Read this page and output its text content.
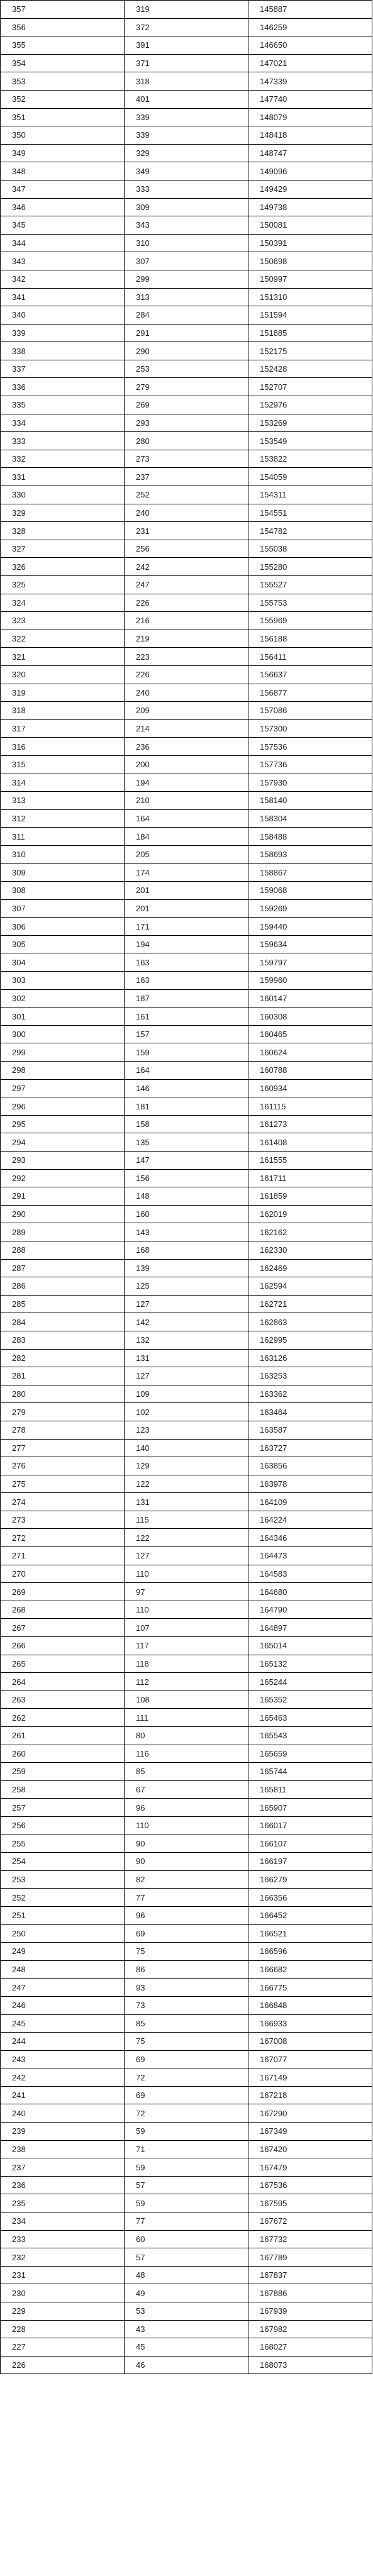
357	319	145887
356	372	146259
355	391	146650
354	371	147021
353	318	147339
352	401	147740
351	339	148079
350	339	148418
349	329	148747
348	349	149096
347	333	149429
346	309	149738
345	343	150081
344	310	150391
343	307	150698
342	299	150997
341	313	151310
340	284	151594
339	291	151885
338	290	152175
337	253	152428
336	279	152707
335	269	152976
334	293	153269
333	280	153549
332	273	153822
331	237	154059
330	252	154311
329	240	154551
328	231	154782
327	256	155038
326	242	155280
325	247	155527
324	226	155753
323	216	155969
322	219	156188
321	223	156411
320	226	156637
319	240	156877
318	209	157086
317	214	157300
316	236	157536
315	200	157736
314	194	157930
313	210	158140
312	164	158304
311	184	158488
310	205	158693
309	174	158867
308	201	159068
307	201	159269
306	171	159440
305	194	159634
304	163	159797
303	163	159960
302	187	160147
301	161	160308
300	157	160465
299	159	160624
298	164	160788
297	146	160934
296	181	161115
295	158	161273
294	135	161408
293	147	161555
292	156	161711
291	148	161859
290	160	162019
289	143	162162
288	168	162330
287	139	162469
286	125	162594
285	127	162721
284	142	162863
283	132	162995
282	131	163126
281	127	163253
280	109	163362
279	102	163464
278	123	163587
277	140	163727
276	129	163856
275	122	163978
274	131	164109
273	115	164224
272	122	164346
271	127	164473
270	110	164583
269	97	164680
268	110	164790
267	107	164897
266	117	165014
265	118	165132
264	112	165244
263	108	165352
262	111	165463
261	80	165543
260	116	165659
259	85	165744
258	67	165811
257	96	165907
256	110	166017
255	90	166107
254	90	166197
253	82	166279
252	77	166356
251	96	166452
250	69	166521
249	75	166596
248	86	166682
247	93	166775
246	73	166848
245	85	166933
244	75	167008
243	69	167077
242	72	167149
241	69	167218
240	72	167290
239	59	167349
238	71	167420
237	59	167479
236	57	167536
235	59	167595
234	77	167672
233	60	167732
232	57	167789
231	48	167837
230	49	167886
229	53	167939
228	43	167982
227	45	168027
226	46	168073
